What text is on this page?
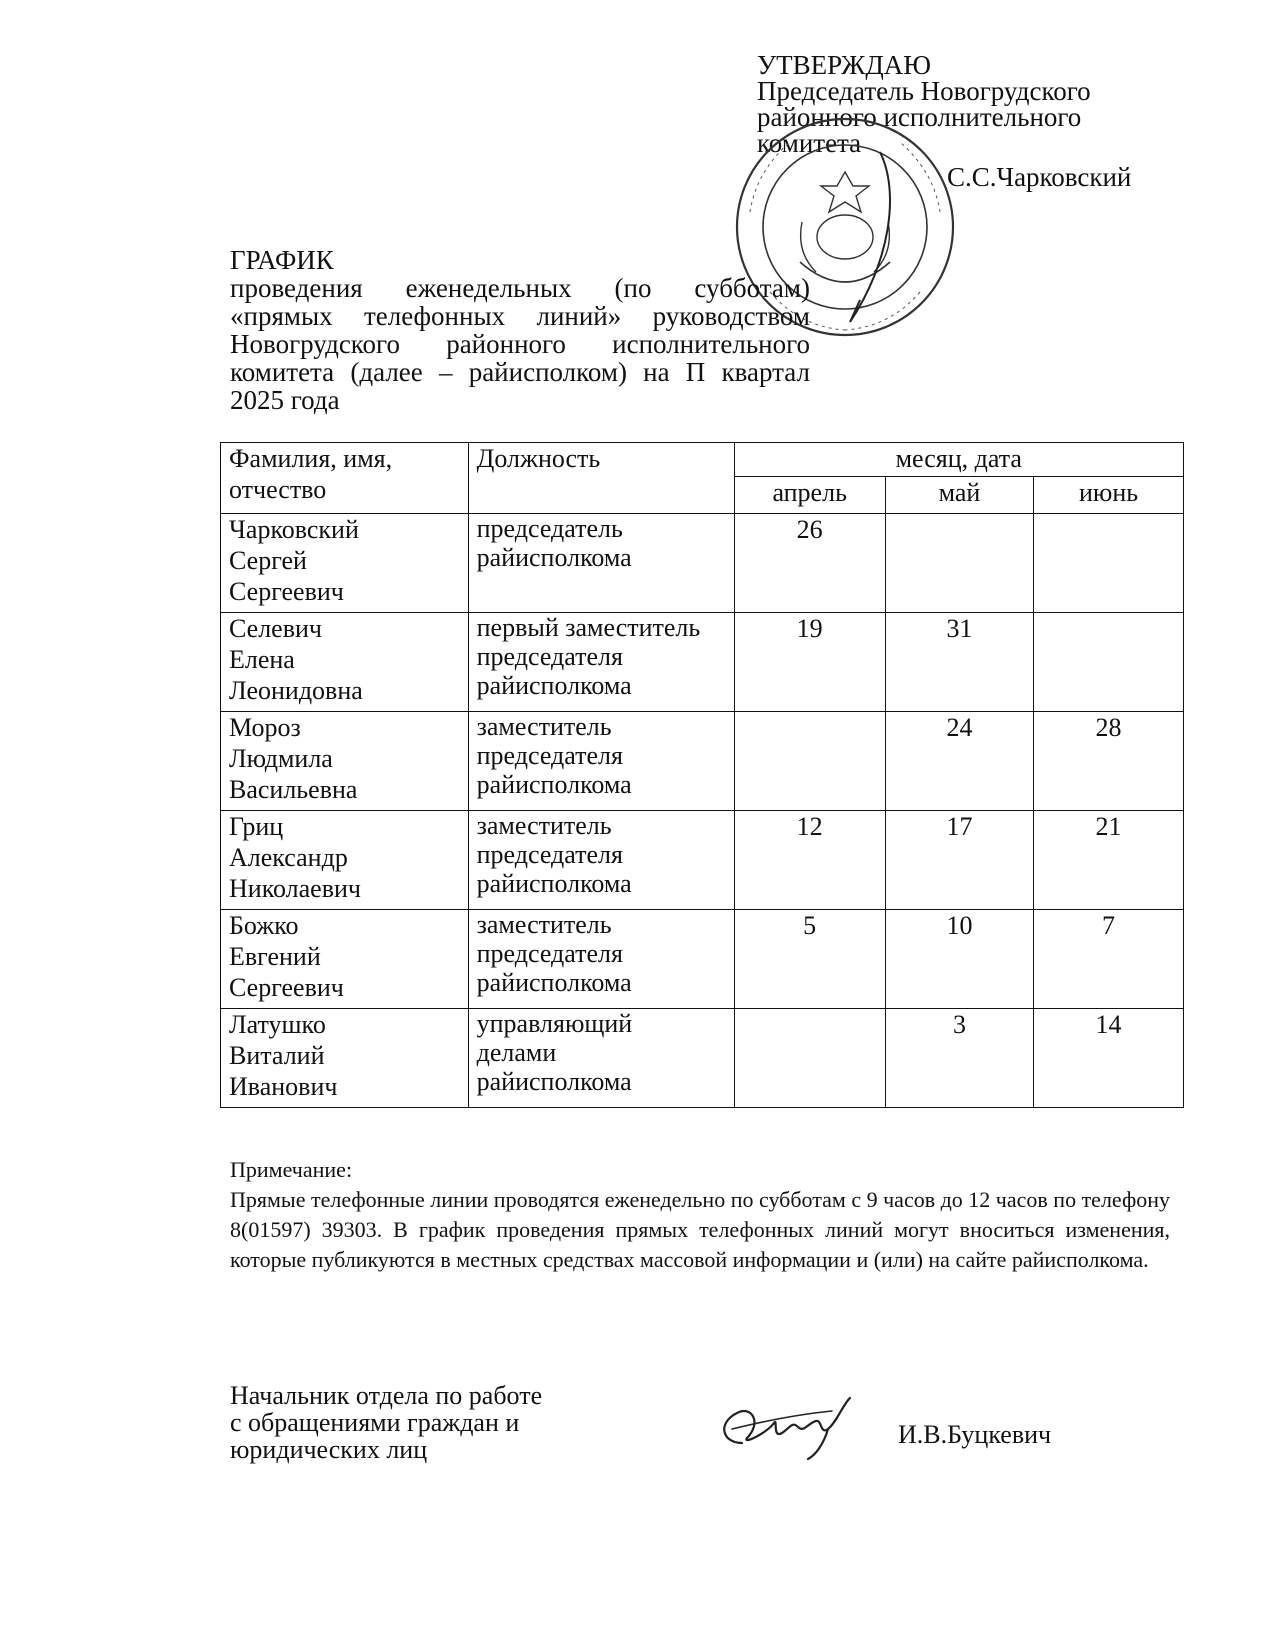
УТВЕРЖДАЮ
Председатель Новогрудского
районного исполнительного
комитета
С.С.Чарковский
ГРАФИК
проведения еженедельных (по субботам) «прямых телефонных линий» руководством Новогрудского районного исполнительного комитета (далее – райисполком) на П квартал 2025 года
Фамилия, имя,
отчество	Должность	месяц, дата		
		апрель	май	июнь

Чарковский
Сергей
Сергеевич	председатель
райисполкома	26		

Селевич
Елена
Леонидовна	первый заместитель
председателя
райисполкома	19	31	

Мороз
Людмила
Васильевна	заместитель
председателя
райисполкома		24	28

Гриц
Александр
Николаевич	заместитель
председателя
райисполкома	12	17	21

Божко
Евгений
Сергеевич	заместитель
председателя
райисполкома	5	10	7

Латушко
Виталий
Иванович	управляющий
делами
райисполкома		3	14
Примечание:
Прямые телефонные линии проводятся еженедельно по субботам с 9 часов до 12 часов по телефону 8(01597) 39303. В график проведения прямых телефонных линий могут вноситься изменения, которые публикуются в местных средствах массовой информации и (или) на сайте райисполкома.
Начальник отдела по работе
с обращениями граждан и
юридических лиц
И.В.Буцкевич
